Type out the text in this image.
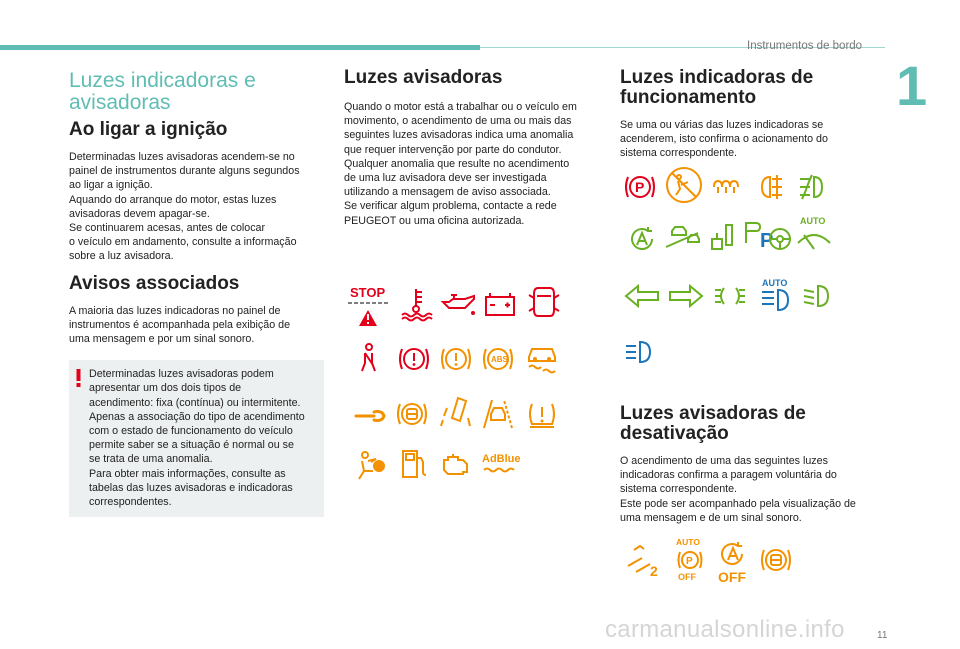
Instrumentos de bordo
1
Luzes indicadoras e
avisadoras
Ao ligar a ignição

Determinadas luzes avisadoras acendem-se no

painel de instrumentos durante alguns segundos

ao ligar a ignição.

Aquando do arranque do motor, estas luzes

avisadoras devem apagar-se.

Se continuarem acesas, antes de colocar

o veículo em andamento, consulte a informação

sobre a luz avisadora.

Avisos associados

A maioria das luzes indicadoras no painel de

instrumentos é acompanhada pela exibição de

uma mensagem e por um sinal sonoro.

Determinadas luzes avisadoras podem

apresentar um dos dois tipos de

acendimento: fixa (contínua) ou intermitente.

Apenas a associação do tipo de acendimento

com o estado de funcionamento do veículo

permite saber se a situação é normal ou se

se trata de uma anomalia.

Para obter mais informações, consulte as

tabelas das luzes avisadoras e indicadoras

correspondentes.

Luzes avisadoras

Quando o motor está a trabalhar ou o veículo em

movimento, o acendimento de uma ou mais das

seguintes luzes avisadoras indica uma anomalia

que requer intervenção por parte do condutor.

Qualquer anomalia que resulte no acendimento

de uma luz avisadora deve ser investigada

utilizando a mensagem de aviso associada.

Se verificar algum problema, contacte a rede

PEUGEOT ou uma oficina autorizada.

STOP
ABS
AdBlue
Luzes indicadoras de
funcionamento

Se uma ou várias das luzes indicadoras se

acenderem, isto confirma o acionamento do

sistema correspondente.

P
P
AUTO
AUTO
Luzes avisadoras de
desativação

O acendimento de uma das seguintes luzes

indicadoras confirma a paragem voluntária do

sistema correspondente.

Este pode ser acompanhado pela visualização de

uma mensagem e de um sinal sonoro.

2
AUTO
P
OFF OFF
11
carmanualsonline.info
